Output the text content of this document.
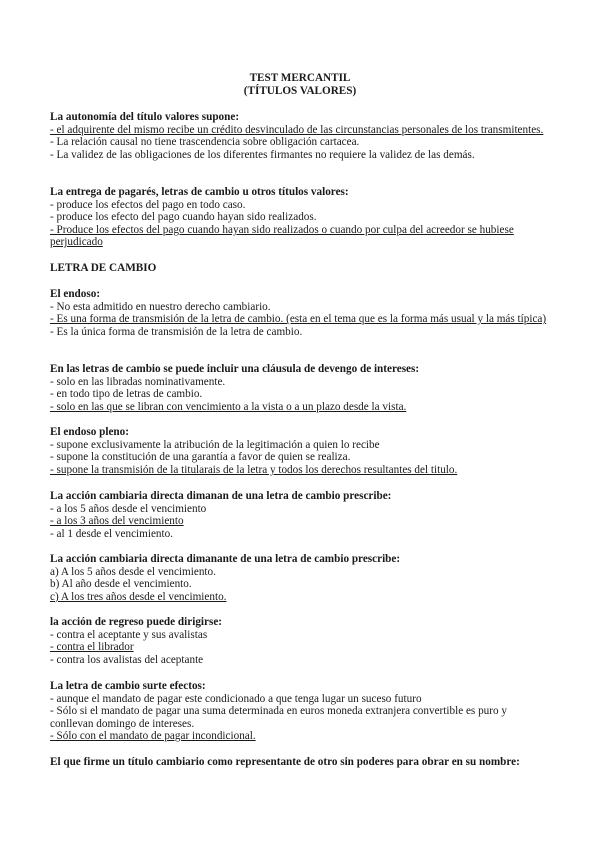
TEST MERCANTIL
(TÍTULOS VALORES)
La autonomía del título valores supone:
- el adquirente del mismo recibe un crédito desvinculado de las circunstancias personales de los transmitentes.
- La relación causal no tiene trascendencia sobre obligación cartacea.
- La validez de las obligaciones de los diferentes firmantes no requiere la validez de las demás.
La entrega de pagarés, letras de cambio u otros títulos valores:
- produce los efectos del pago en todo caso.
- produce los efecto del pago cuando hayan sido realizados.
- Produce los efectos del pago cuando hayan sido realizados o cuando por culpa del acreedor se hubiese perjudicado
LETRA DE CAMBIO
El endoso:
- No esta admitido en nuestro derecho cambiario.
- Es una forma de transmisión de la letra de cambio. (esta en el tema que es la forma más usual y la más típica)
- Es la única forma de transmisión de la letra de cambio.
En las letras de cambio se puede incluir una cláusula de devengo de intereses:
- solo en las libradas nominativamente.
- en todo tipo de letras de cambio.
- solo en las que se libran con vencimiento a la vista o a un plazo desde la vista.
El endoso pleno:
- supone exclusivamente la atribución de la legitimación a quien lo recibe
- supone la constitución de una garantía a favor de quien se realiza.
- supone la transmisión de la titularais de la letra y todos los derechos resultantes del titulo.
La acción cambiaria directa dimanan de una letra de cambio prescribe:
- a los 5 años desde el vencimiento
- a los 3 años del vencimiento
- al 1 desde el vencimiento.
La acción cambiaria directa dimanante de una letra de cambio prescribe:
a) A los 5 años desde el vencimiento.
b) Al año desde el vencimiento.
c) A los tres años desde el vencimiento.
la acción de regreso puede dirigirse:
- contra el aceptante y sus avalistas
- contra el librador
- contra los avalistas del aceptante
La letra de cambio surte efectos:
- aunque el mandato de pagar este condicionado a que tenga lugar un suceso futuro
- Sólo si el mandato de pagar una suma determinada en euros moneda extranjera convertible es puro y conllevan domingo de intereses.
- Sólo con el mandato de pagar incondicional.
El que firme un título cambiario como representante de otro sin poderes para obrar en su nombre:
